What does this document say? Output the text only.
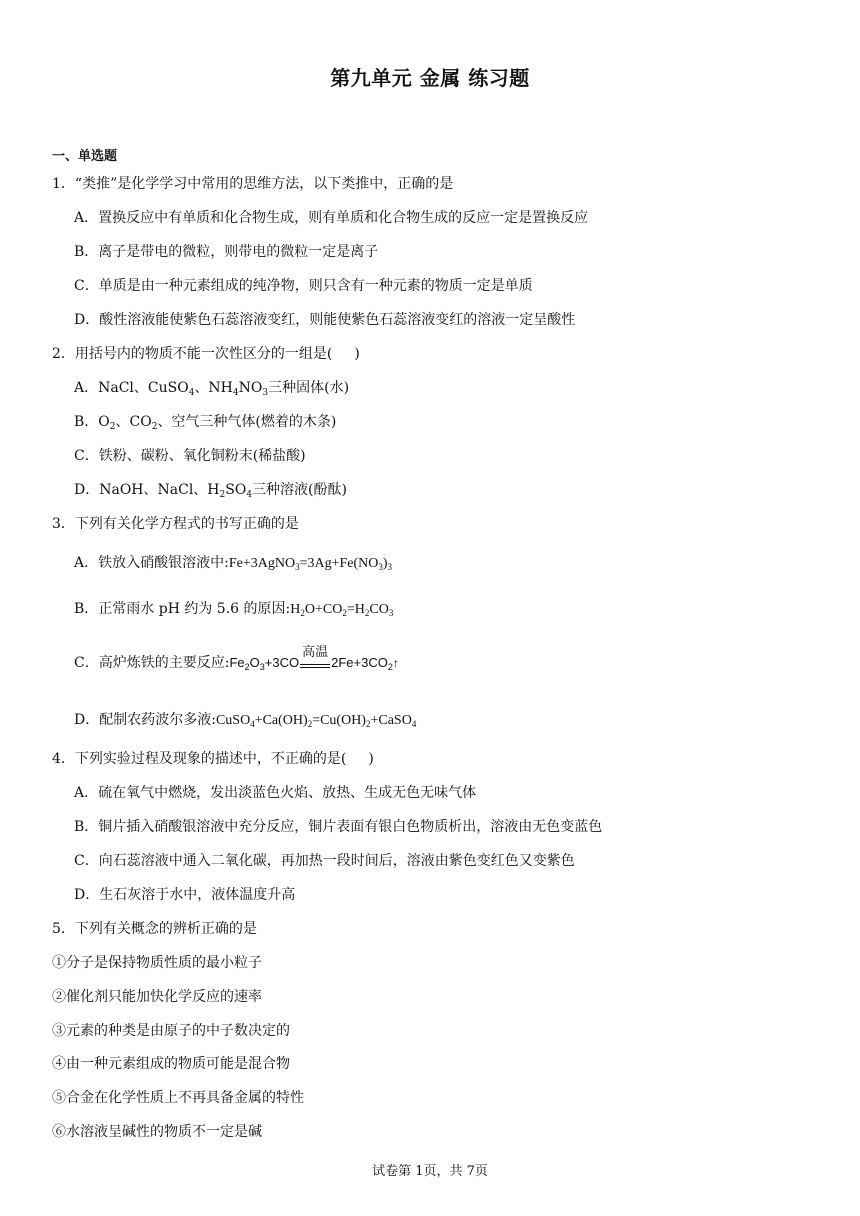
第九单元 金属 练习题
一、单选题
1．“类推”是化学学习中常用的思维方法，以下类推中，正确的是
A．置换反应中有单质和化合物生成，则有单质和化合物生成的反应一定是置换反应
B．离子是带电的微粒，则带电的微粒一定是离子
C．单质是由一种元素组成的纯净物，则只含有一种元素的物质一定是单质
D．酸性溶液能使紫色石蕊溶液变红，则能使紫色石蕊溶液变红的溶液一定呈酸性
2．用括号内的物质不能一次性区分的一组是( )
A．NaCl、CuSO$_4$、$NH_4NO_3$三种固体(水)
B．$O_2$、$CO_2$、空气三种气体(燃着的木条)
C．铁粉、碳粉、氧化铜粉末(稀盐酸)
D．NaOH、NaCl、$H_2SO_4$三种溶液(酚酞)
3．下列有关化学方程式的书写正确的是
A．铁放入硝酸银溶液中$:Fe+3AgNO_3=3Ag+Fe(NO_3)_3$
B．正常雨水 pH 约为 5.6 的原因$:H_2O+CO_2=H_2CO_3$
C．高炉炼铁的主要反应$:Fe_2O_3+3CO$
高温
$2Fe+3CO_2↑$
D．配制农药波尔多液$:CuSO_4+Ca(OH)_2=Cu(OH)_2+CaSO_4$
4．下列实验过程及现象的描述中，不正确的是( )
A．硫在氧气中燃烧，发出淡蓝色火焰、放热、生成无色无味气体
B．铜片插入硝酸银溶液中充分反应，铜片表面有银白色物质析出，溶液由无色变蓝色
C．向石蕊溶液中通入二氧化碳，再加热一段时间后，溶液由紫色变红色又变紫色
D．生石灰溶于水中，液体温度升高
5．下列有关概念的辨析正确的是
①分子是保持物质性质的最小粒子
②催化剂只能加快化学反应的速率
③元素的种类是由原子的中子数决定的
④由一种元素组成的物质可能是混合物
⑤合金在化学性质上不再具备金属的特性
⑥水溶液呈碱性的物质不一定是碱
试卷第 1页，共 7页
